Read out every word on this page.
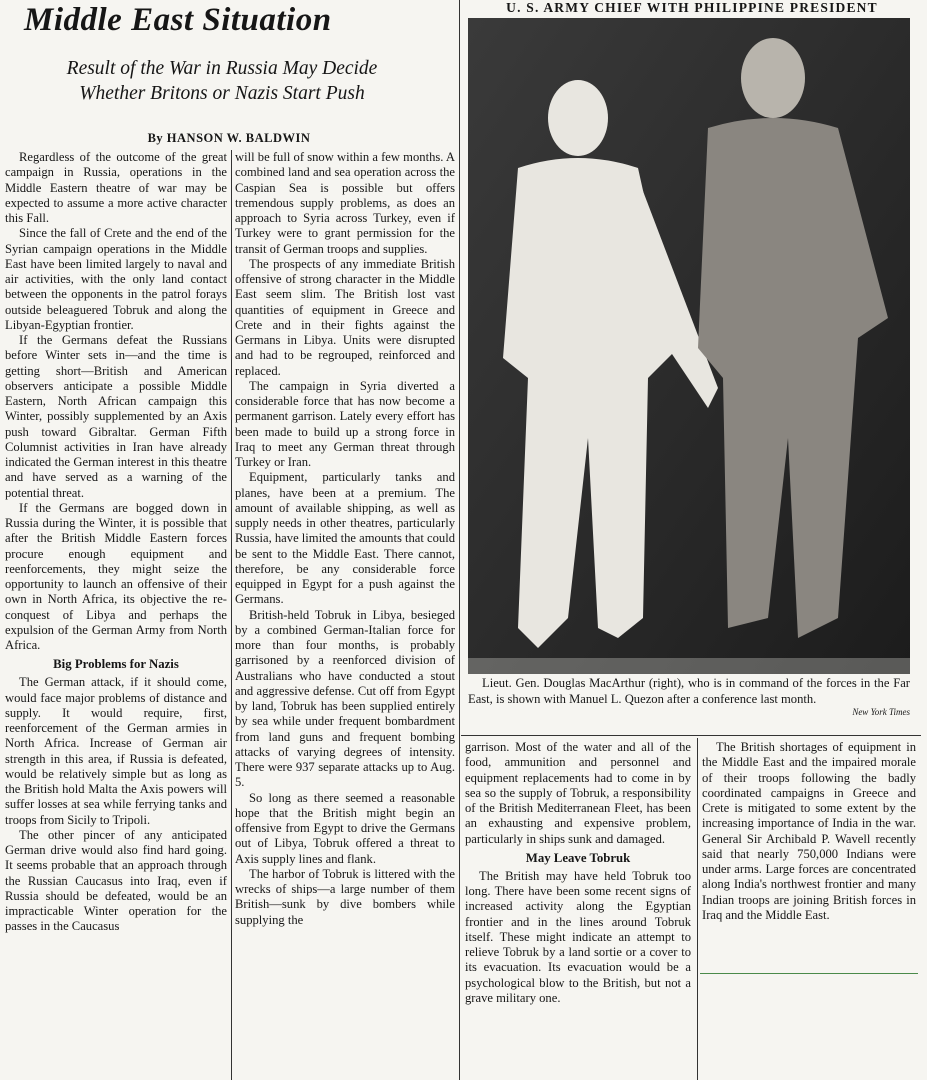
Middle East Situation

Result of the War in Russia May Decide

Whether Britons or Nazis Start Push

By HANSON W. BALDWIN

Regardless of the outcome of the great campaign in Russia, operations in the Middle Eastern theatre of war may be expected to assume a more active character this Fall.

Since the fall of Crete and the end of the Syrian campaign operations in the Middle East have been limited largely to naval and air activities, with the only land contact between the opponents in the patrol forays outside beleaguered Tobruk and along the Libyan-Egyptian frontier.

If the Germans defeat the Russians before Winter sets in—and the time is getting short—British and American observers anticipate a possible Middle Eastern, North African campaign this Winter, possibly supplemented by an Axis push toward Gibraltar. German Fifth Columnist activities in Iran have already indicated the German interest in this theatre and have served as a warning of the potential threat.

If the Germans are bogged down in Russia during the Winter, it is possible that after the British Middle Eastern forces procure enough equipment and reenforcements, they might seize the opportunity to launch an offensive of their own in North Africa, its objective the re-conquest of Libya and perhaps the expulsion of the German Army from North Africa.

Big Problems for Nazis

The German attack, if it should come, would face major problems of distance and supply. It would require, first, reenforcement of the German armies in North Africa. Increase of German air strength in this area, if Russia is defeated, would be relatively simple but as long as the British hold Malta the Axis powers will suffer losses at sea while ferrying tanks and troops from Sicily to Tripoli.

The other pincer of any anticipated German drive would also find hard going. It seems probable that an approach through the Russian Caucasus into Iraq, even if Russia should be defeated, would be an impracticable Winter operation for the passes in the Caucasus

will be full of snow within a few months. A combined land and sea operation across the Caspian Sea is possible but offers tremendous supply problems, as does an approach to Syria across Turkey, even if Turkey were to grant permission for the transit of German troops and supplies.

The prospects of any immediate British offensive of strong character in the Middle East seem slim. The British lost vast quantities of equipment in Greece and Crete and in their fights against the Germans in Libya. Units were disrupted and had to be regrouped, reinforced and replaced.

The campaign in Syria diverted a considerable force that has now become a permanent garrison. Lately every effort has been made to build up a strong force in Iraq to meet any German threat through Turkey or Iran.

Equipment, particularly tanks and planes, have been at a premium. The amount of available shipping, as well as supply needs in other theatres, particularly Russia, have limited the amounts that could be sent to the Middle East. There cannot, therefore, be any considerable force equipped in Egypt for a push against the Germans.

British-held Tobruk in Libya, besieged by a combined German-Italian force for more than four months, is probably garrisoned by a reenforced division of Australians who have conducted a stout and aggressive defense. Cut off from Egypt by land, Tobruk has been supplied entirely by sea while under frequent bombardment from land guns and frequent bombing attacks of varying degrees of intensity. There were 937 separate attacks up to Aug. 5.

So long as there seemed a reasonable hope that the British might begin an offensive from Egypt to drive the Germans out of Libya, Tobruk offered a threat to Axis supply lines and flank.

The harbor of Tobruk is littered with the wrecks of ships—a large number of them British—sunk by dive bombers while supplying the

U. S. ARMY CHIEF WITH PHILIPPINE PRESIDENT

Lieut. Gen. Douglas MacArthur (right), who is in command of the forces in the Far East, is shown with Manuel L. Quezon after a conference last month.

New York Times

garrison. Most of the water and all of the food, ammunition and personnel and equipment replacements had to come in by sea so the supply of Tobruk, a responsibility of the British Mediterranean Fleet, has been an exhausting and expensive problem, particularly in ships sunk and damaged.

May Leave Tobruk

The British may have held Tobruk too long. There have been some recent signs of increased activity along the Egyptian frontier and in the lines around Tobruk itself. These might indicate an attempt to relieve Tobruk by a land sortie or a cover to its evacuation. Its evacuation would be a psychological blow to the British, but not a grave military one.

The British shortages of equipment in the Middle East and the impaired morale of their troops following the badly coordinated campaigns in Greece and Crete is mitigated to some extent by the increasing importance of India in the war. General Sir Archibald P. Wavell recently said that nearly 750,000 Indians were under arms. Large forces are concentrated along India's northwest frontier and many Indian troops are joining British forces in Iraq and the Middle East.
